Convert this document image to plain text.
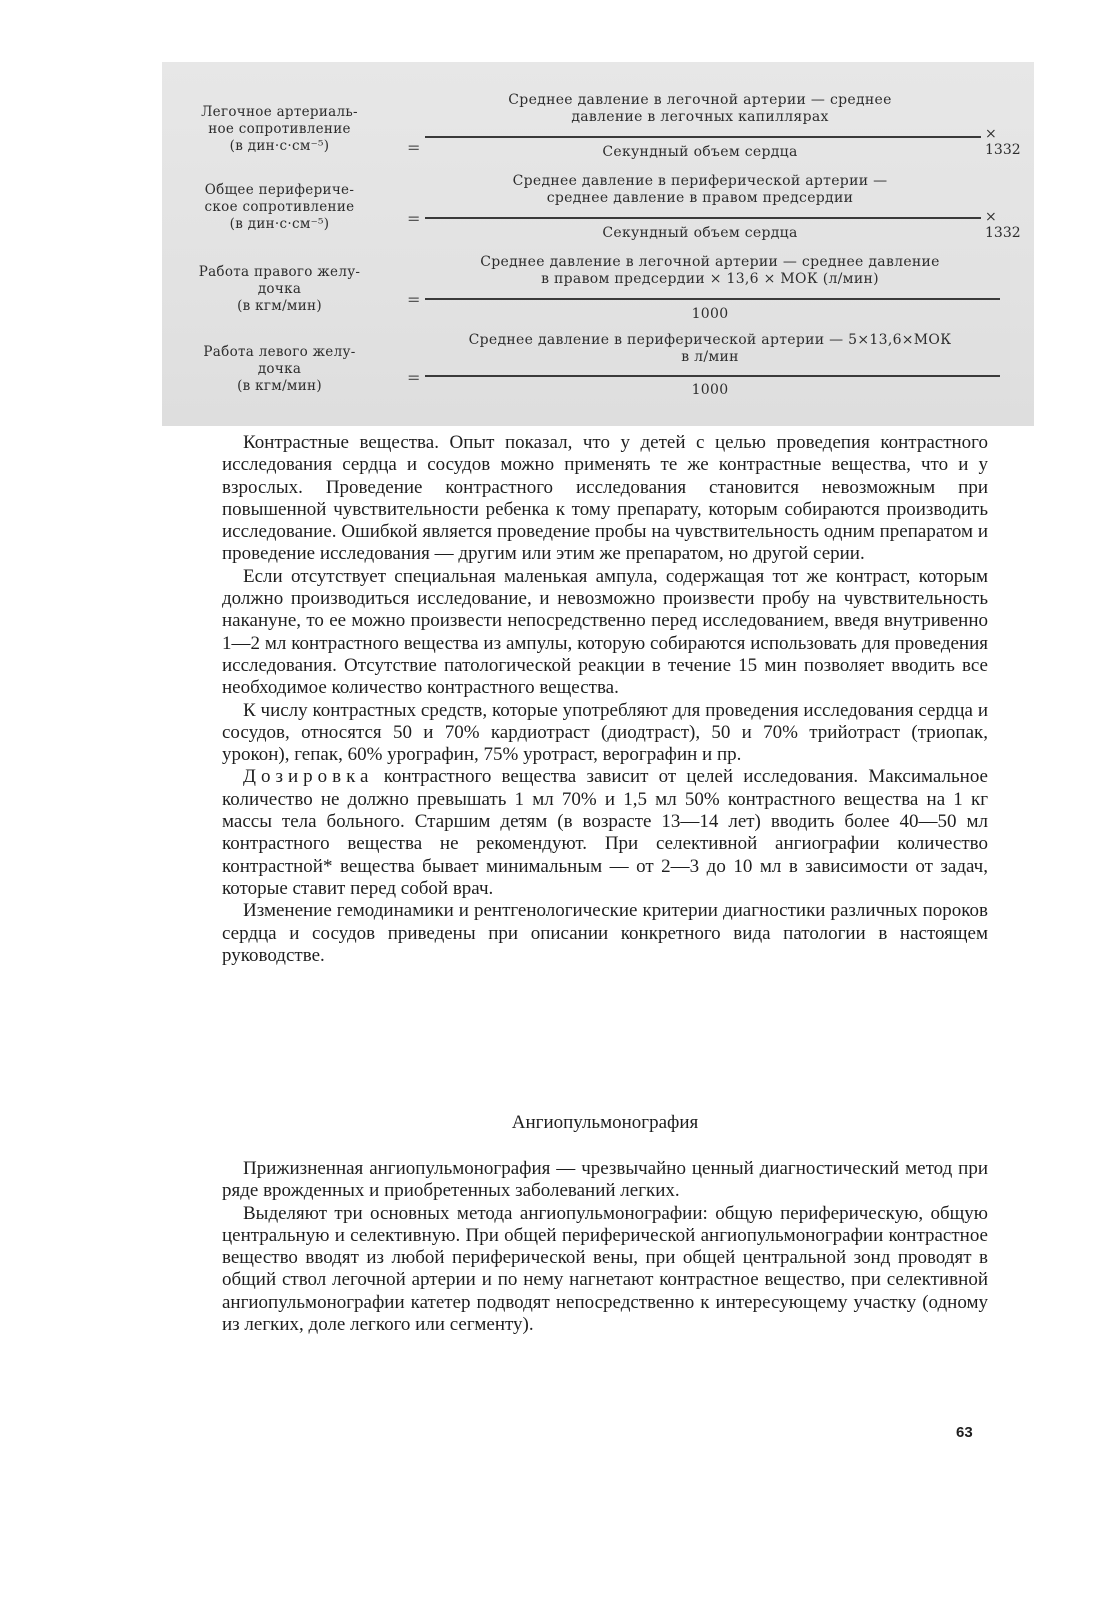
Легочное артериаль-
ное сопротивление
(в дин·с·см⁻⁵)	=
Среднее давление в легочной артерии — среднее
давление в легочных капиллярах
Секундный объем сердца
× 1332
Общее перифериче-
ское сопротивление
(в дин·с·см⁻⁵)	=
Среднее давление в периферической артерии —
среднее давление в правом предсердии
Секундный объем сердца
× 1332
Работа правого желу-
дочка
(в кгм/мин)	=
Среднее давление в легочной артерии — среднее давление
в правом предсердии × 13,6 × МОК (л/мин)
1000
Работа левого желу-
дочка
(в кгм/мин)	=
Среднее давление в периферической артерии — 5×13,6×МОК
в л/мин
1000

Контрастные вещества. Опыт показал, что у детей с целью проведепия контрастного исследования сердца и сосудов можно применять те же контрастные вещества, что и у взрослых. Проведение контрастного исследования становится невозможным при повышенной чувствительности ребенка к тому препарату, которым собираются производить исследование. Ошибкой является проведение пробы на чувствительность одним препаратом и проведение исследования — другим или этим же препаратом, но другой серии.

Если отсутствует специальная маленькая ампула, содержащая тот же контраст, которым должно производиться исследование, и невозможно произвести пробу на чувствительность накануне, то ее можно произвести непосредственно перед исследованием, введя внутривенно 1—2 мл контрастного вещества из ампулы, которую собираются использовать для проведения исследования. Отсутствие патологической реакции в течение 15 мин позволяет вводить все необходимое количество контрастного вещества.

К числу контрастных средств, которые употребляют для проведения исследования сердца и сосудов, относятся 50 и 70% кардиотраст (диодтраст), 50 и 70% трийотраст (триопак, урокон), гепак, 60% урографин, 75% уротраст, верографин и пр.

Дозировка контрастного вещества зависит от целей исследования. Максимальное количество не должно превышать 1 мл 70% и 1,5 мл 50% контрастного вещества на 1 кг массы тела больного. Старшим детям (в возрасте 13—14 лет) вводить более 40—50 мл контрастного вещества не рекомендуют. При селективной ангиографии количество контрастной* вещества бывает минимальным — от 2—3 до 10 мл в зависимости от задач, которые ставит перед собой врач.

Изменение гемодинамики и рентгенологические критерии диагностики различных пороков сердца и сосудов приведены при описании конкретного вида патологии в настоящем руководстве.

Ангиопульмонография

Прижизненная ангиопульмонография — чрезвычайно ценный диагностический метод при ряде врожденных и приобретенных заболеваний легких.

Выделяют три основных метода ангиопульмонографии: общую периферическую, общую центральную и селективную. При общей периферической ангиопульмонографии контрастное вещество вводят из любой периферической вены, при общей центральной зонд проводят в общий ствол легочной артерии и по нему нагнетают контрастное вещество, при селективной ангиопульмонографии катетер подводят непосредственно к интересующему участку (одному из легких, доле легкого или сегменту).

63
